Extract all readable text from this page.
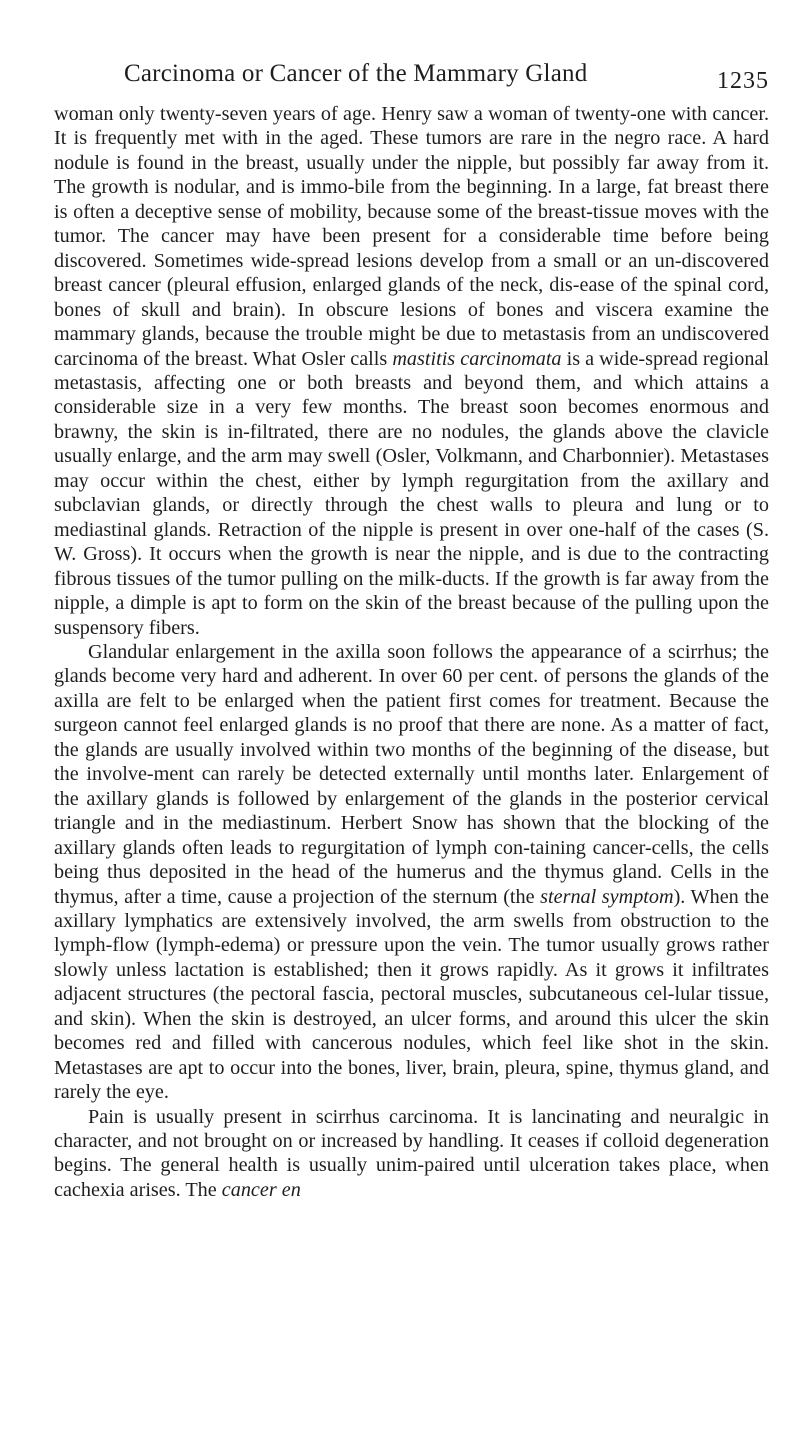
Carcinoma or Cancer of the Mammary Gland	1235

woman only twenty-seven years of age. Henry saw a woman of twenty-one with cancer. It is frequently met with in the aged. These tumors are rare in the negro race. A hard nodule is found in the breast, usually under the nipple, but possibly far away from it. The growth is nodular, and is immo-bile from the beginning. In a large, fat breast there is often a deceptive sense of mobility, because some of the breast-tissue moves with the tumor. The cancer may have been present for a considerable time before being discovered. Sometimes wide-spread lesions develop from a small or an un-discovered breast cancer (pleural effusion, enlarged glands of the neck, dis-ease of the spinal cord, bones of skull and brain). In obscure lesions of bones and viscera examine the mammary glands, because the trouble might be due to metastasis from an undiscovered carcinoma of the breast. What Osler calls mastitis carcinomata is a wide-spread regional metastasis, affecting one or both breasts and beyond them, and which attains a considerable size in a very few months. The breast soon becomes enormous and brawny, the skin is in-filtrated, there are no nodules, the glands above the clavicle usually enlarge, and the arm may swell (Osler, Volkmann, and Charbonnier). Metastases may occur within the chest, either by lymph regurgitation from the axillary and subclavian glands, or directly through the chest walls to pleura and lung or to mediastinal glands. Retraction of the nipple is present in over one-half of the cases (S. W. Gross). It occurs when the growth is near the nipple, and is due to the contracting fibrous tissues of the tumor pulling on the milk-ducts. If the growth is far away from the nipple, a dimple is apt to form on the skin of the breast because of the pulling upon the suspensory fibers.

Glandular enlargement in the axilla soon follows the appearance of a scirrhus; the glands become very hard and adherent. In over 60 per cent. of persons the glands of the axilla are felt to be enlarged when the patient first comes for treatment. Because the surgeon cannot feel enlarged glands is no proof that there are none. As a matter of fact, the glands are usually involved within two months of the beginning of the disease, but the involve-ment can rarely be detected externally until months later. Enlargement of the axillary glands is followed by enlargement of the glands in the posterior cervical triangle and in the mediastinum. Herbert Snow has shown that the blocking of the axillary glands often leads to regurgitation of lymph con-taining cancer-cells, the cells being thus deposited in the head of the humerus and the thymus gland. Cells in the thymus, after a time, cause a projection of the sternum (the sternal symptom). When the axillary lymphatics are extensively involved, the arm swells from obstruction to the lymph-flow (lymph-edema) or pressure upon the vein. The tumor usually grows rather slowly unless lactation is established; then it grows rapidly. As it grows it infiltrates adjacent structures (the pectoral fascia, pectoral muscles, subcutaneous cel-lular tissue, and skin). When the skin is destroyed, an ulcer forms, and around this ulcer the skin becomes red and filled with cancerous nodules, which feel like shot in the skin. Metastases are apt to occur into the bones, liver, brain, pleura, spine, thymus gland, and rarely the eye.

Pain is usually present in scirrhus carcinoma. It is lancinating and neuralgic in character, and not brought on or increased by handling. It ceases if colloid degeneration begins. The general health is usually unim-paired until ulceration takes place, when cachexia arises. The cancer en
